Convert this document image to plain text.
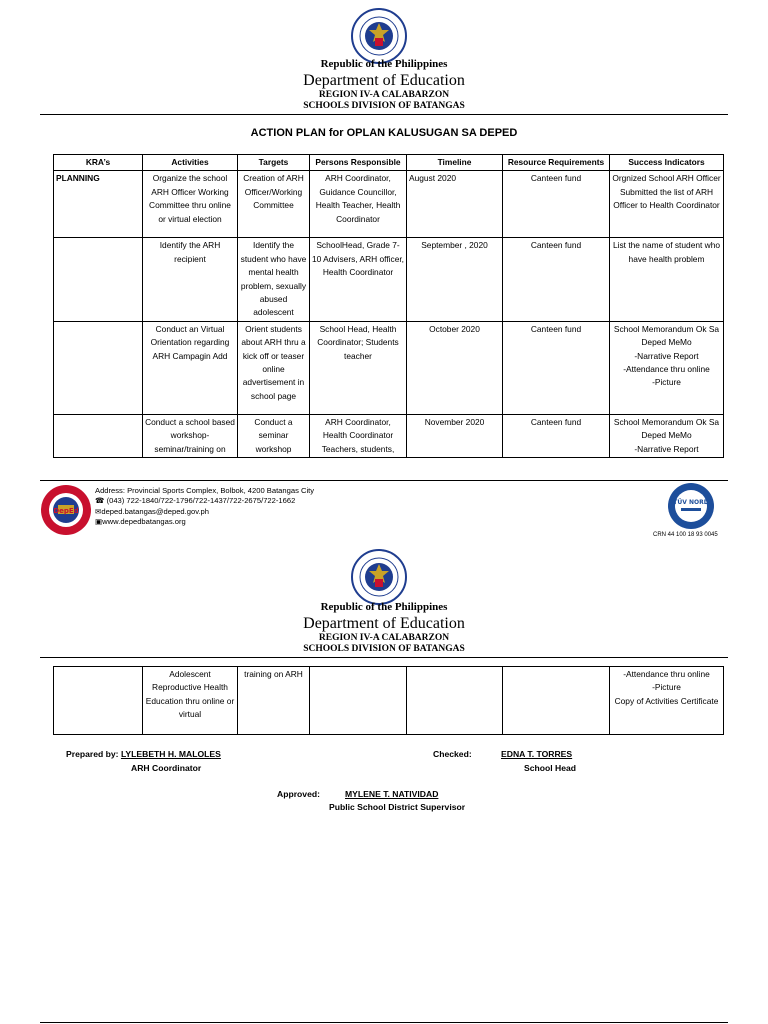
Republic of the Philippines
Department of Education
REGION IV-A CALABARZON
SCHOOLS DIVISION OF BATANGAS
ACTION PLAN for OPLAN KALUSUGAN SA DEPED
KRA’s	Activities	Targets	Persons Responsible	Timeline	Resource Requirements	Success Indicators
PLANNING	Organize the school ARH Officer Working Committee thru online or virtual election	Creation of ARH Officer/Working Committee	ARH Coordinator, Guidance Councillor, Health Teacher, Health Coordinator	August 2020	Canteen fund	Orgnized School ARH Officer
Submitted the list of ARH Officer to Health Coordinator
	Identify the ARH recipient	Identify the student who have mental health problem, sexually abused adolescent	SchoolHead, Grade 7-10 Advisers, ARH officer, Health Coordinator	September , 2020	Canteen fund	List the name of student who have health problem
	Conduct an Virtual Orientation regarding ARH Campagin Add	Orient students about ARH thru a kick off or teaser online advertisement in school page	School Head, Health Coordinator; Students teacher	October 2020	Canteen fund	School Memorandum Ok Sa Deped MeMo
-Narrative Report
-Attendance thru online
-Picture
	Conduct a school based workshop-seminar/training on	Conduct a seminar workshop	ARH Coordinator, Health Coordinator Teachers, students,	November 2020	Canteen fund	School Memorandum Ok Sa Deped MeMo
-Narrative Report
DepEd
Address: Provincial Sports Complex, Bolbok, 4200 Batangas City
☎ (043) 722-1840/722-1796/722-1437/722-2675/722-1662
✉deped.batangas@deped.gov.ph
▣www.depedbatangas.org
TÜV NORD
CRN 44 100 18 93 0045
Republic of the Philippines
Department of Education
REGION IV-A CALABARZON
SCHOOLS DIVISION OF BATANGAS
	Adolescent Reproductive Health Education thru online or virtual	training on ARH				-Attendance thru online
-Picture
Copy of Activities Certificate
Prepared by: LYLEBETH H. MALOLES
ARH Coordinator
Checked:	EDNA T. TORRES
School Head
Approved:	MYLENE T. NATIVIDAD
Public School District Supervisor
